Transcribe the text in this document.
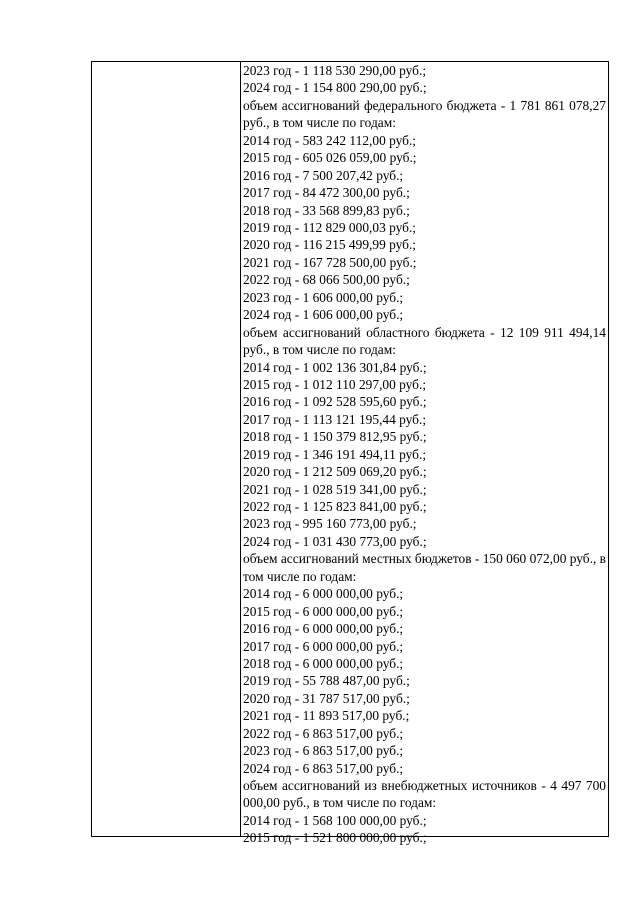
2023 год - 1 118 530 290,00 руб.;
2024 год - 1 154 800 290,00 руб.;
объем ассигнований федерального бюджета - 1 781 861 078,27 руб., в том числе по годам:
2014 год - 583 242 112,00 руб.;
2015 год - 605 026 059,00 руб.;
2016 год - 7 500 207,42 руб.;
2017 год - 84 472 300,00 руб.;
2018 год - 33 568 899,83 руб.;
2019 год - 112 829 000,03 руб.;
2020 год - 116 215 499,99 руб.;
2021 год - 167 728 500,00 руб.;
2022 год - 68 066 500,00 руб.;
2023 год - 1 606 000,00 руб.;
2024 год - 1 606 000,00 руб.;
объем ассигнований областного бюджета - 12 109 911 494,14 руб., в том числе по годам:
2014 год - 1 002 136 301,84 руб.;
2015 год - 1 012 110 297,00 руб.;
2016 год - 1 092 528 595,60 руб.;
2017 год - 1 113 121 195,44 руб.;
2018 год - 1 150 379 812,95 руб.;
2019 год - 1 346 191 494,11 руб.;
2020 год - 1 212 509 069,20 руб.;
2021 год - 1 028 519 341,00 руб.;
2022 год - 1 125 823 841,00 руб.;
2023 год - 995 160 773,00 руб.;
2024 год - 1 031 430 773,00 руб.;
объем ассигнований местных бюджетов - 150 060 072,00 руб., в том числе по годам:
2014 год - 6 000 000,00 руб.;
2015 год - 6 000 000,00 руб.;
2016 год - 6 000 000,00 руб.;
2017 год - 6 000 000,00 руб.;
2018 год - 6 000 000,00 руб.;
2019 год - 55 788 487,00 руб.;
2020 год - 31 787 517,00 руб.;
2021 год - 11 893 517,00 руб.;
2022 год - 6 863 517,00 руб.;
2023 год - 6 863 517,00 руб.;
2024 год - 6 863 517,00 руб.;
объем ассигнований из внебюджетных источников - 4 497 700 000,00 руб., в том числе по годам:
2014 год - 1 568 100 000,00 руб.;
2015 год - 1 521 800 000,00 руб.;
